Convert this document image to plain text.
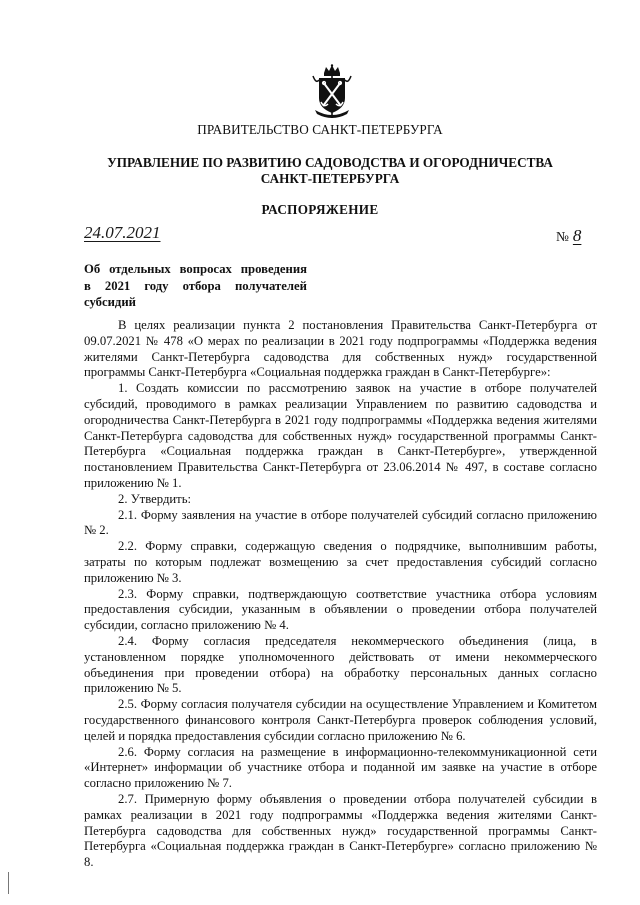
ПРАВИТЕЛЬСТВО САНКТ-ПЕТЕРБУРГА
УПРАВЛЕНИЕ ПО РАЗВИТИЮ САДОВОДСТВА И ОГОРОДНИЧЕСТВА
САНКТ-ПЕТЕРБУРГА
РАСПОРЯЖЕНИЕ
24.07.2021	№ 8
Об отдельных вопросах проведения
в 2021 году отбора получателей
субсидий

В целях реализации пункта 2 постановления Правительства Санкт-Петербурга от 09.07.2021 № 478 «О мерах по реализации в 2021 году подпрограммы «Поддержка ведения жителями Санкт-Петербурга садоводства для собственных нужд» государственной программы Санкт-Петербурга «Социальная поддержка граждан в Санкт-Петербурге»:

1. Создать комиссии по рассмотрению заявок на участие в отборе получателей субсидий, проводимого в рамках реализации Управлением по развитию садоводства и огородничества Санкт-Петербурга в 2021 году подпрограммы «Поддержка ведения жителями Санкт-Петербурга садоводства для собственных нужд» государственной программы Санкт-Петербурга «Социальная поддержка граждан в Санкт-Петербурге», утвержденной постановлением Правительства Санкт-Петербурга от 23.06.2014 № 497, в составе согласно приложению № 1.

2. Утвердить:

2.1. Форму заявления на участие в отборе получателей субсидий согласно приложению № 2.

2.2. Форму справки, содержащую сведения о подрядчике, выполнившим работы, затраты по которым подлежат возмещению за счет предоставления субсидий согласно приложению № 3.

2.3. Форму справки, подтверждающую соответствие участника отбора условиям предоставления субсидии, указанным в объявлении о проведении отбора получателей субсидии, согласно приложению № 4.

2.4. Форму согласия председателя некоммерческого объединения (лица, в установленном порядке уполномоченного действовать от имени некоммерческого объединения при проведении отбора) на обработку персональных данных согласно приложению № 5.

2.5. Форму согласия получателя субсидии на осуществление Управлением и Комитетом государственного финансового контроля Санкт-Петербурга проверок соблюдения условий, целей и порядка предоставления субсидии согласно приложению № 6.

2.6. Форму согласия на размещение в информационно-телекоммуникационной сети «Интернет» информации об участнике отбора и поданной им заявке на участие в отборе согласно приложению № 7.

2.7. Примерную форму объявления о проведении отбора получателей субсидии в рамках реализации в 2021 году подпрограммы «Поддержка ведения жителями Санкт-Петербурга садоводства для собственных нужд» государственной программы Санкт-Петербурга «Социальная поддержка граждан в Санкт-Петербурге» согласно приложению № 8.
